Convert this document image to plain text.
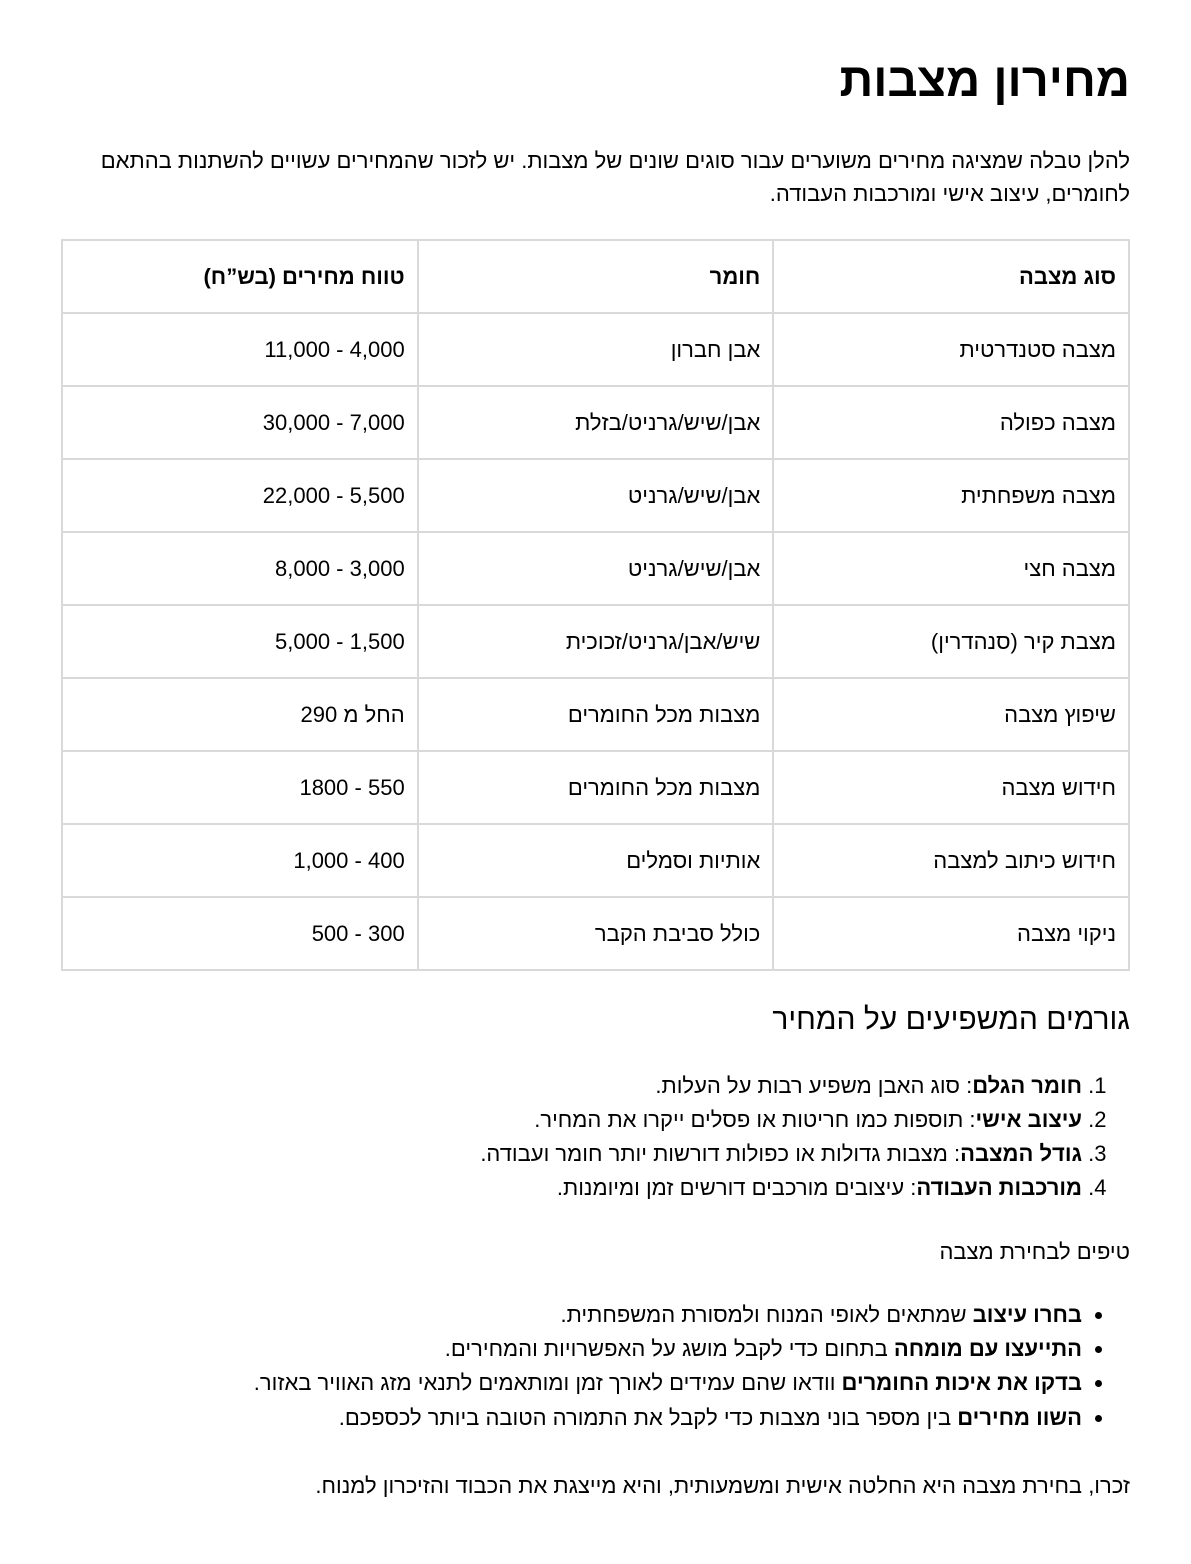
מחירון מצבות

להלן טבלה שמציגה מחירים משוערים עבור סוגים שונים של מצבות. יש לזכור שהמחירים עשויים להשתנות בהתאם לחומרים, עיצוב אישי ומורכבות העבודה.

סוג מצבה	חומר	טווח מחירים (בש”ח)
מצבה סטנדרטית	אבן חברון	4,000 - 11,000
מצבה כפולה	אבן/שיש/גרניט/בזלת	7,000 - 30,000
מצבה משפחתית	אבן/שיש/גרניט	5,500 - 22,000
מצבה חצי	אבן/שיש/גרניט	3,000 - 8,000
מצבת קיר (סנהדרין)	שיש/אבן/גרניט/זכוכית	1,500 - 5,000
שיפוץ מצבה	מצבות מכל החומרים	החל מ 290
חידוש מצבה	מצבות מכל החומרים	550 - 1800
חידוש כיתוב למצבה	אותיות וסמלים	400 - 1,000
ניקוי מצבה	כולל סביבת הקבר	300 - 500
גורמים המשפיעים על המחיר
1. חומר הגלם: סוג האבן משפיע רבות על העלות.
2. עיצוב אישי: תוספות כמו חריטות או פסלים ייקרו את המחיר.
3. גודל המצבה: מצבות גדולות או כפולות דורשות יותר חומר ועבודה.
4. מורכבות העבודה: עיצובים מורכבים דורשים זמן ומיומנות.

טיפים לבחירת מצבה

• בחרו עיצוב שמתאים לאופי המנוח ולמסורת המשפחתית.
• התייעצו עם מומחה בתחום כדי לקבל מושג על האפשרויות והמחירים.
• בדקו את איכות החומרים וודאו שהם עמידים לאורך זמן ומותאמים לתנאי מזג האוויר באזור.
• השוו מחירים בין מספר בוני מצבות כדי לקבל את התמורה הטובה ביותר לכספכם.

זכרו, בחירת מצבה היא החלטה אישית ומשמעותית, והיא מייצגת את הכבוד והזיכרון למנוח.
